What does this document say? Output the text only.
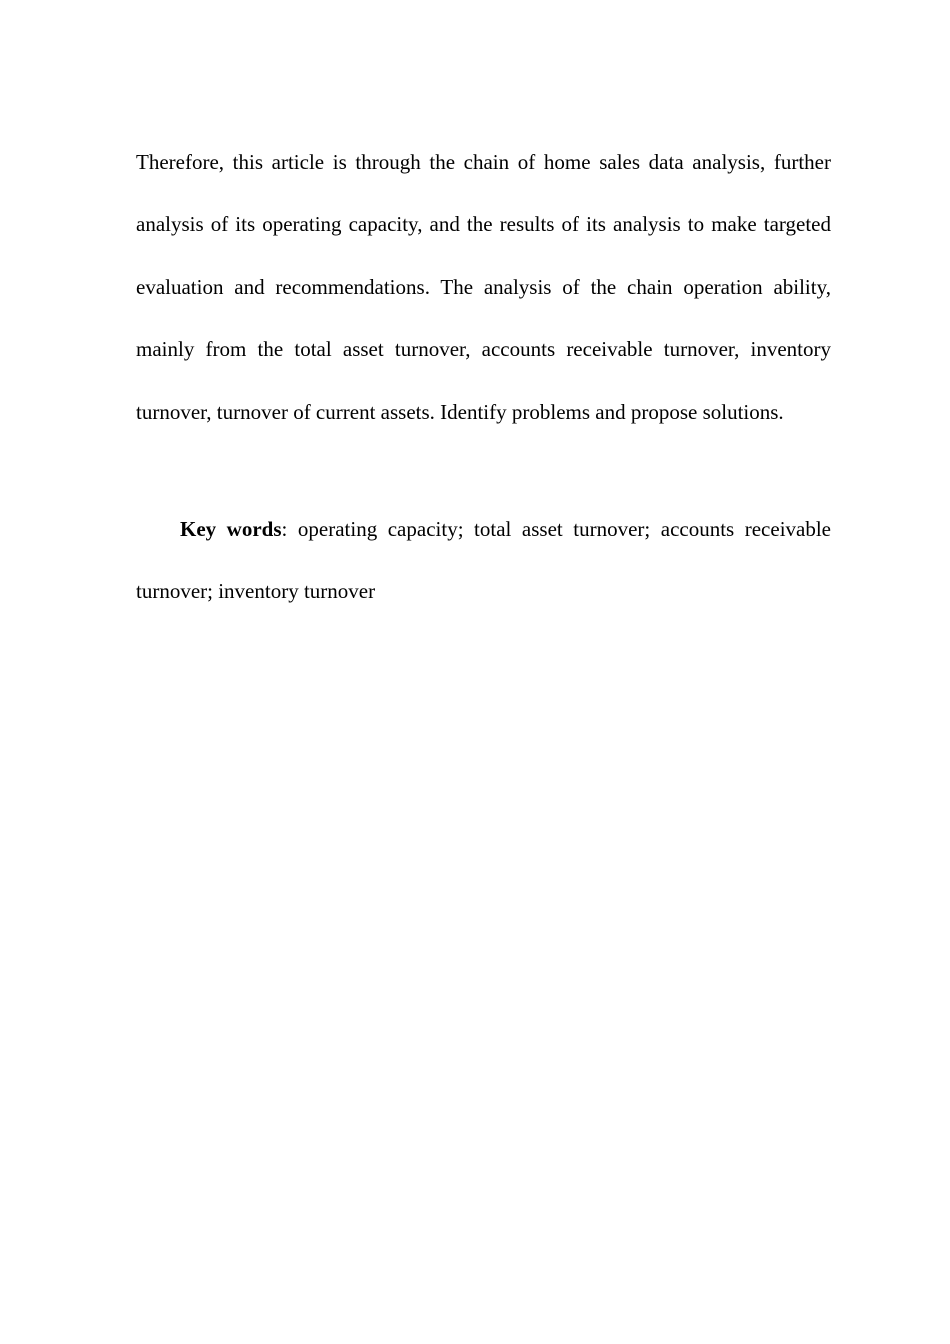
Therefore, this article is through the chain of home sales data analysis, further analysis of its operating capacity, and the results of its analysis to make targeted evaluation and recommendations. The analysis of the chain operation ability, mainly from the total asset turnover, accounts receivable turnover, inventory turnover, turnover of current assets. Identify problems and propose solutions.

Key words: operating capacity; total asset turnover; accounts receivable turnover; inventory turnover
